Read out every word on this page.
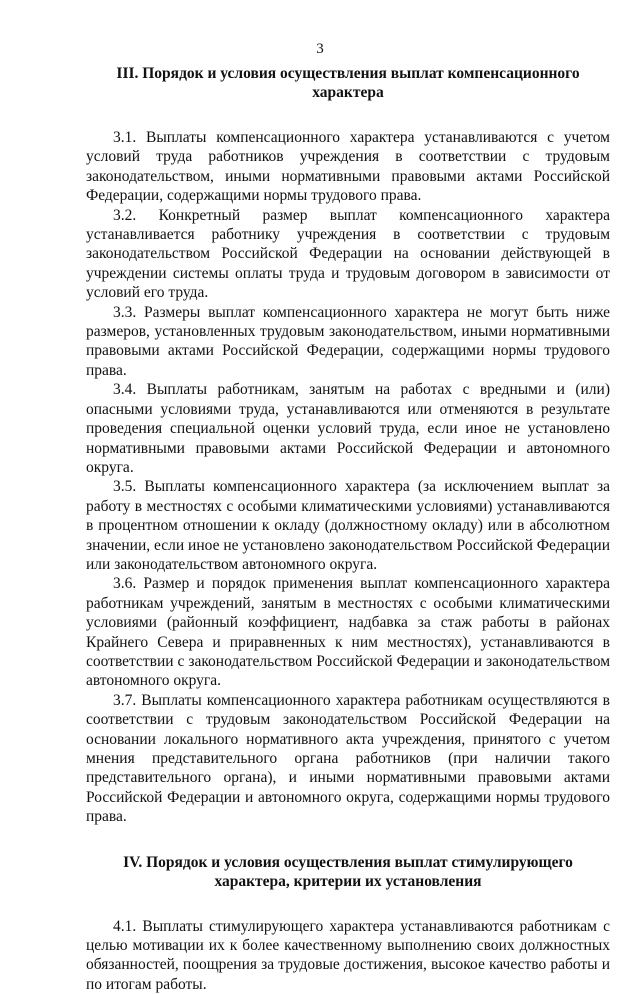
3
III. Порядок и условия осуществления выплат компенсационного
характера

3.1. Выплаты компенсационного характера устанавливаются с учетом условий труда работников учреждения в соответствии с трудовым законодательством, иными нормативными правовыми актами Российской Федерации, содержащими нормы трудового права.

3.2. Конкретный размер выплат компенсационного характера устанавливается работнику учреждения в соответствии с трудовым законодательством Российской Федерации на основании действующей в учреждении системы оплаты труда и трудовым договором в зависимости от условий его труда.

3.3. Размеры выплат компенсационного характера не могут быть ниже размеров, установленных трудовым законодательством, иными нормативными правовыми актами Российской Федерации, содержащими нормы трудового права.

3.4. Выплаты работникам, занятым на работах с вредными и (или) опасными условиями труда, устанавливаются или отменяются в результате проведения специальной оценки условий труда, если иное не установлено нормативными правовыми актами Российской Федерации и автономного округа.

3.5. Выплаты компенсационного характера (за исключением выплат за работу в местностях с особыми климатическими условиями) устанавливаются в процентном отношении к окладу (должностному окладу) или в абсолютном значении, если иное не установлено законодательством Российской Федерации или законодательством автономного округа.

3.6. Размер и порядок применения выплат компенсационного характера работникам учреждений, занятым в местностях с особыми климатическими условиями (районный коэффициент, надбавка за стаж работы в районах Крайнего Севера и приравненных к ним местностях), устанавливаются в соответствии с законодательством Российской Федерации и законодательством автономного округа.

3.7. Выплаты компенсационного характера работникам осуществляются в соответствии с трудовым законодательством Российской Федерации на основании локального нормативного акта учреждения, принятого с учетом мнения представительного органа работников (при наличии такого представительного органа), и иными нормативными правовыми актами Российской Федерации и автономного округа, содержащими нормы трудового права.

IV. Порядок и условия осуществления выплат стимулирующего
характера, критерии их установления

4.1. Выплаты стимулирующего характера устанавливаются работникам с целью мотивации их к более качественному выполнению своих должностных обязанностей, поощрения за трудовые достижения, высокое качество работы и по итогам работы.
